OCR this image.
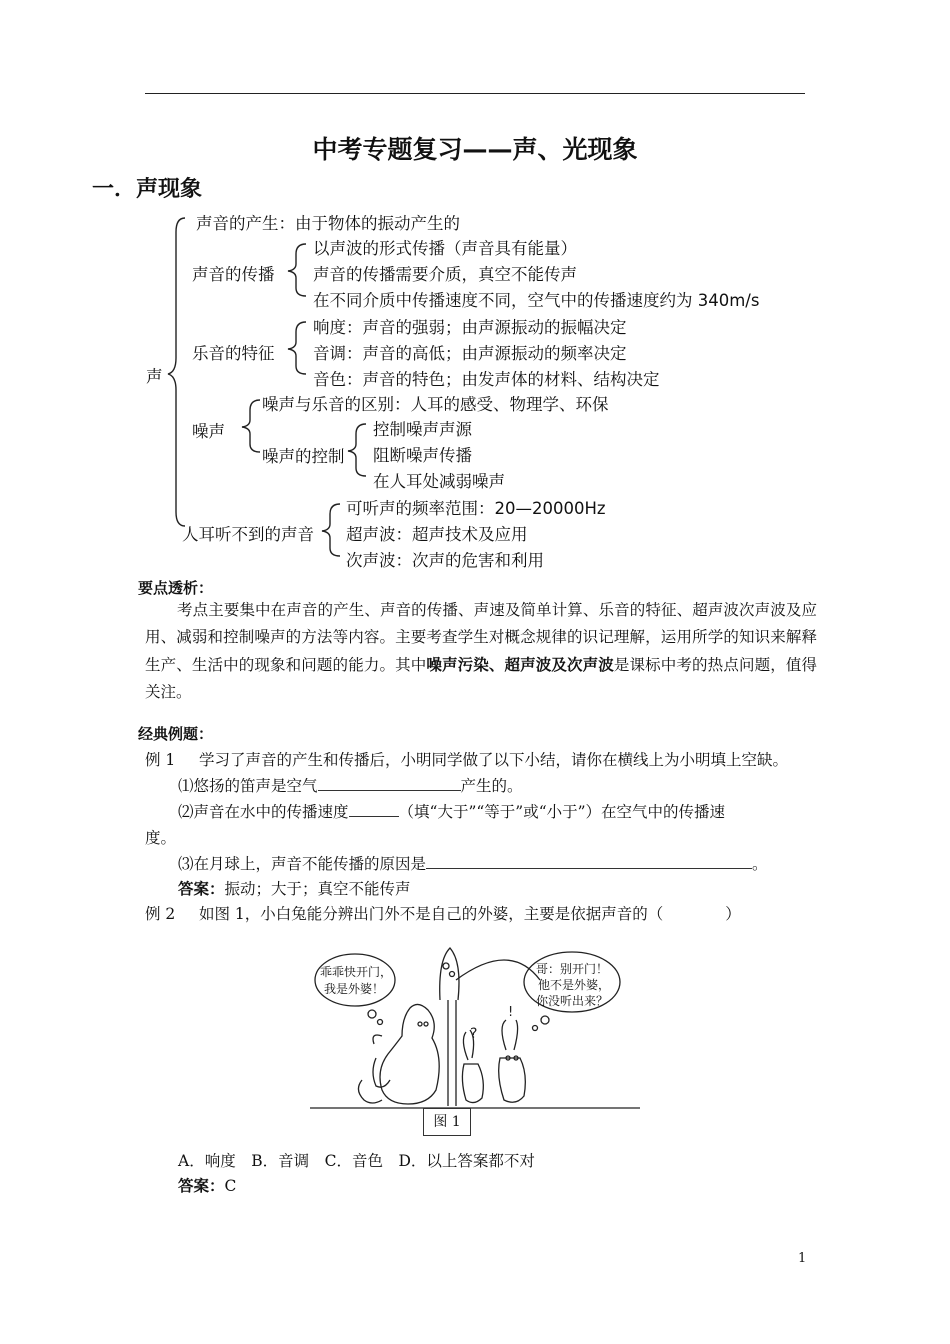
中考专题复习——声、光现象
一．声现象
声
声音的产生：由于物体的振动产生的
声音的传播
以声波的形式传播（声音具有能量）
声音的传播需要介质，真空不能传声
在不同介质中传播速度不同，空气中的传播速度约为 340m/s
乐音的特征
响度：声音的强弱；由声源振动的振幅决定
音调：声音的高低；由声源振动的频率决定
音色：声音的特色；由发声体的材料、结构决定
噪声
噪声与乐音的区别：人耳的感受、物理学、环保
噪声的控制
控制噪声声源
阻断噪声传播
在人耳处减弱噪声
人耳听不到的声音
可听声的频率范围：20—20000Hz
超声波：超声技术及应用
次声波：次声的危害和利用
要点透析：
考点主要集中在声音的产生、声音的传播、声速及简单计算、乐音的特征、超声波次声波及应用、减弱和控制噪声的方法等内容。主要考查学生对概念规律的识记理解，运用所学的知识来解释生产、生活中的现象和问题的能力。其中噪声污染、超声波及次声波是课标中考的热点问题，值得关注。
经典例题：
例 1 学习了声音的产生和传播后，小明同学做了以下小结，请你在横线上为小明填上空缺。
⑴悠扬的笛声是空气	产生的。
⑵声音在水中的传播速度	（填“大于”“等于”或“小于”）在空气中的传播速
度。
⑶在月球上，声音不能传播的原因是	。
答案：振动；大于；真空不能传声
例 2 如图 1，小白兔能分辨出门外不是自己的外婆，主要是依据声音的（　　　　）
?
!
乖乖快开门，
我是外婆！
哥：别开门！
他不是外婆，
你没听出来？
图 1
A．响度　B．音调　C．音色　D．以上答案都不对
答案：C
1
